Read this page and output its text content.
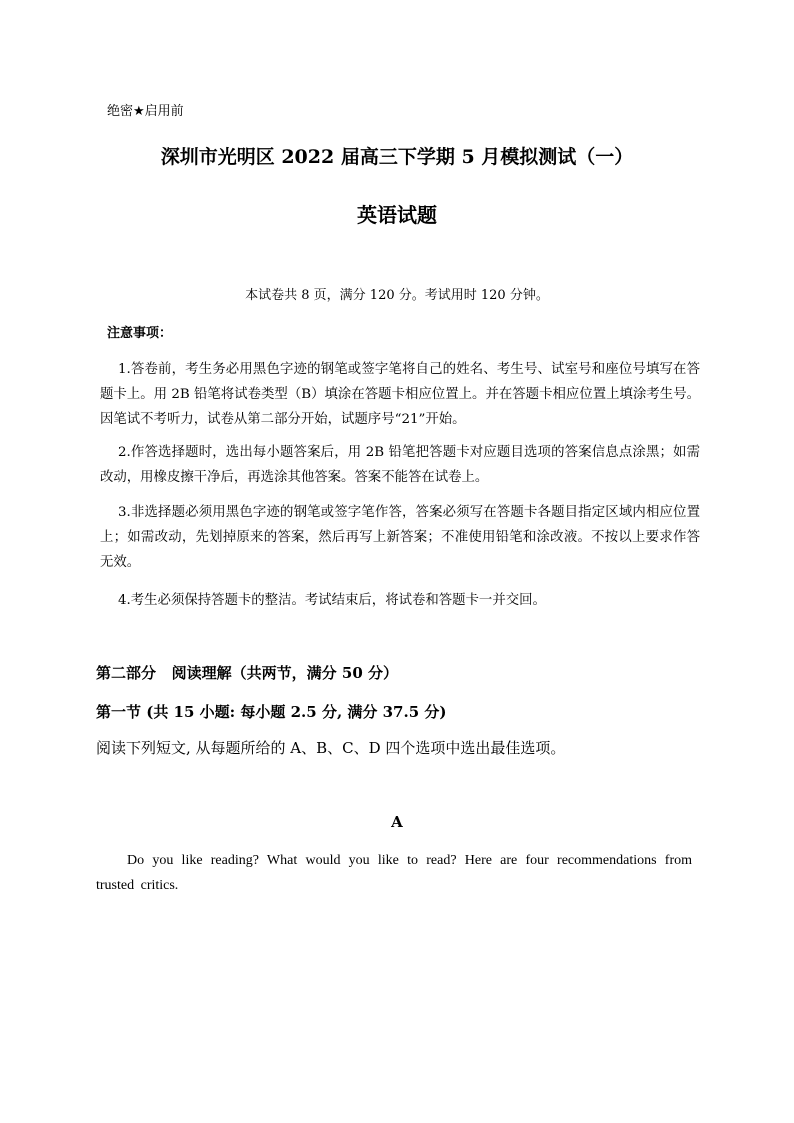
绝密★启用前

深圳市光明区 2022 届高三下学期 5 月模拟测试（一）
英语试题

本试卷共 8 页，满分 120 分。考试用时 120 分钟。

注意事项：

1.答卷前，考生务必用黑色字迹的钢笔或签字笔将自己的姓名、考生号、试室号和座位号填写在答题卡上。用 2B 铅笔将试卷类型（B）填涂在答题卡相应位置上。并在答题卡相应位置上填涂考生号。因笔试不考听力，试卷从第二部分开始，试题序号“21”开始。

2.作答选择题时，选出每小题答案后，用 2B 铅笔把答题卡对应题目选项的答案信息点涂黑；如需改动，用橡皮擦干净后，再选涂其他答案。答案不能答在试卷上。

3.非选择题必须用黑色字迹的钢笔或签字笔作答，答案必须写在答题卡各题目指定区域内相应位置上；如需改动，先划掉原来的答案，然后再写上新答案；不准使用铅笔和涂改液。不按以上要求作答无效。

4.考生必须保持答题卡的整洁。考试结束后，将试卷和答题卡一并交回。

第二部分   阅读理解（共两节，满分 50 分）

第一节 (共 15 小题: 每小题 2.5 分, 满分 37.5 分)

阅读下列短文, 从每题所给的 A、B、C、D 四个选项中选出最佳选项。

A

Do you like reading? What would you like to read? Here are four recommendations from trusted critics.
